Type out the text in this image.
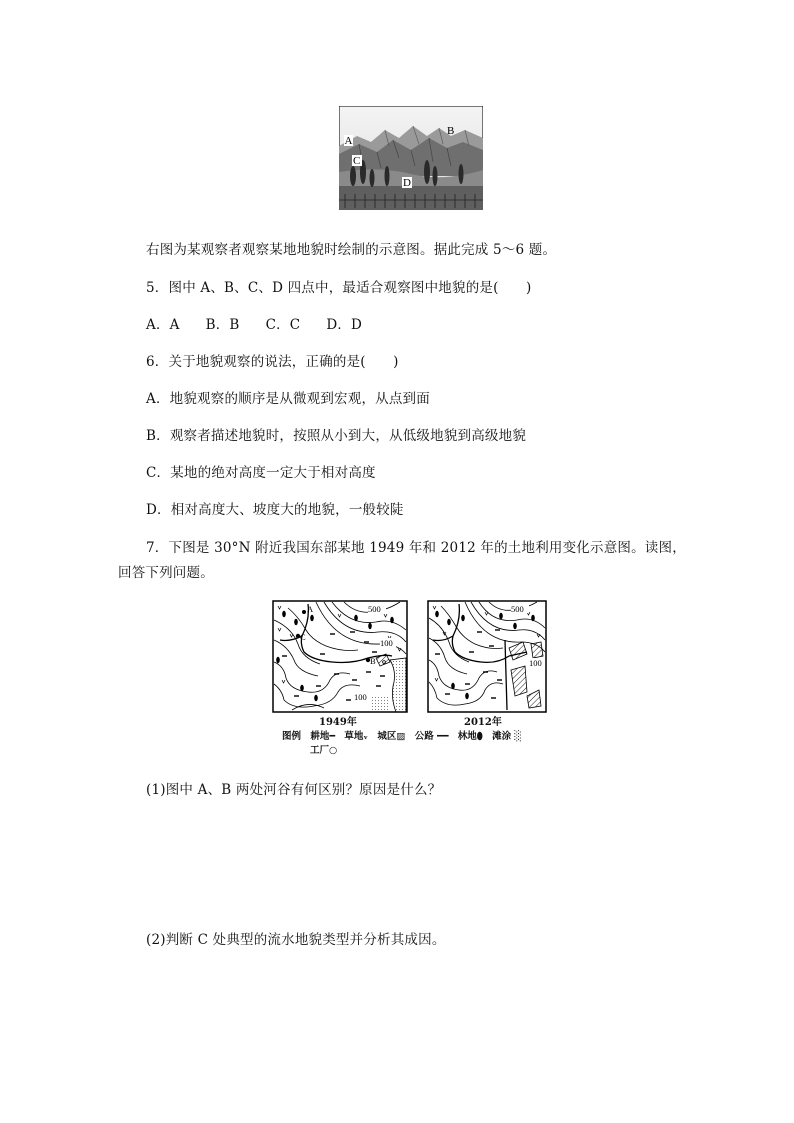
A
B
C
D
右图为某观察者观察某地地貌时绘制的示意图。据此完成 5～6 题。
5．图中 A、B、C、D 四点中，最适合观察图中地貌的是(　　)
A．A B．B C．C D．D
6．关于地貌观察的说法，正确的是(　　)
A．地貌观察的顺序是从微观到宏观，从点到面
B．观察者描述地貌时，按照从小到大，从低级地貌到高级地貌
C．某地的绝对高度一定大于相对高度
D．相对高度大、坡度大的地貌，一般较陡
7．下图是 30°N 附近我国东部某地 1949 年和 2012 年的土地利用变化示意图。读图，
回答下列问题。
A
C
B
500
100
100
500
100
1949年	2012年
图例 耕地━ 草地ᵥ 城区▨ 公路 ━━ 林地⬮ 滩涂 ░
工厂○
(1)图中 A、B 两处河谷有何区别？原因是什么？
(2)判断 C 处典型的流水地貌类型并分析其成因。
